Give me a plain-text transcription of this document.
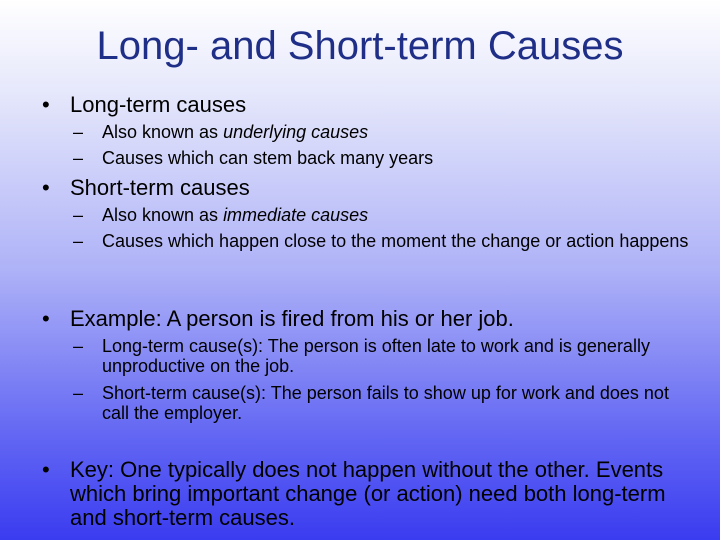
Long- and Short-term Causes
• Long-term causes
– Also known as underlying causes
– Causes which can stem back many years
• Short-term causes
– Also known as immediate causes
– Causes which happen close to the moment the change or action happens
• Example: A person is fired from his or her job.
– Long-term cause(s): The person is often late to work and is generally unproductive on the job.
– Short-term cause(s): The person fails to show up for work and does not call the employer.
• Key: One typically does not happen without the other. Events which bring important change (or action) need both long-term and short-term causes.
